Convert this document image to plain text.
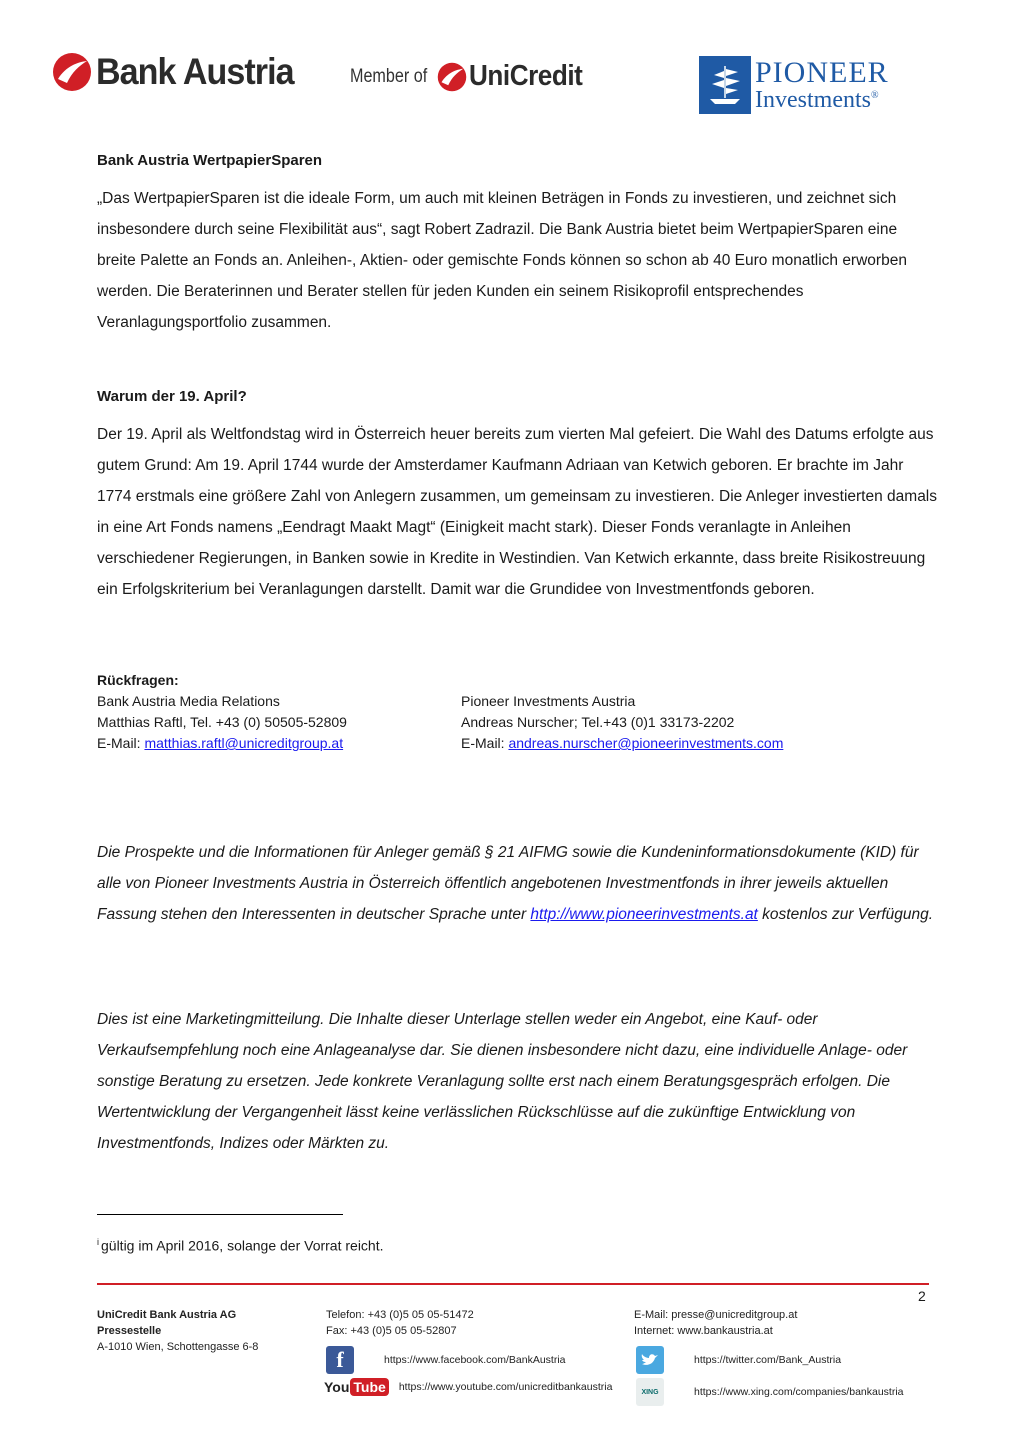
Bank Austria	Member of UniCredit	PIONEER
Investments®
Bank Austria WertpapierSparen

„Das WertpapierSparen ist die ideale Form, um auch mit kleinen Beträgen in Fonds zu investieren, und zeichnet sich insbesondere durch seine Flexibilität aus“, sagt Robert Zadrazil. Die Bank Austria bietet beim WertpapierSparen eine breite Palette an Fonds an. Anleihen-, Aktien- oder gemischte Fonds können so schon ab 40 Euro monatlich erworben werden. Die Beraterinnen und Berater stellen für jeden Kunden ein seinem Risikoprofil entsprechendes Veranlagungsportfolio zusammen.

Warum der 19. April?

Der 19. April als Weltfondstag wird in Österreich heuer bereits zum vierten Mal gefeiert. Die Wahl des Datums erfolgte aus gutem Grund: Am 19. April 1744 wurde der Amsterdamer Kaufmann Adriaan van Ketwich geboren. Er brachte im Jahr 1774 erstmals eine größere Zahl von Anlegern zusammen, um gemeinsam zu investieren. Die Anleger investierten damals in eine Art Fonds namens „Eendragt Maakt Magt“ (Einigkeit macht stark). Dieser Fonds veranlagte in Anleihen verschiedener Regierungen, in Banken sowie in Kredite in Westindien. Van Ketwich erkannte, dass breite Risikostreuung ein Erfolgskriterium bei Veranlagungen darstellt. Damit war die Grundidee von Investmentfonds geboren.

Rückfragen:
Bank Austria Media Relations
Matthias Raftl, Tel. +43 (0) 50505-52809
E-Mail: matthias.raftl@unicreditgroup.at
Pioneer Investments Austria
Andreas Nurscher; Tel.+43 (0)1 33173-2202
E-Mail: andreas.nurscher@pioneerinvestments.com

Die Prospekte und die Informationen für Anleger gemäß § 21 AIFMG sowie die Kundeninformationsdokumente (KID) für alle von Pioneer Investments Austria in Österreich öffentlich angebotenen Investmentfonds in ihrer jeweils aktuellen Fassung stehen den Interessenten in deutscher Sprache unter http://www.pioneerinvestments.at kostenlos zur Verfügung.

Dies ist eine Marketingmitteilung. Die Inhalte dieser Unterlage stellen weder ein Angebot, eine Kauf- oder Verkaufsempfehlung noch eine Anlageanalyse dar. Sie dienen insbesondere nicht dazu, eine individuelle Anlage- oder sonstige Beratung zu ersetzen. Jede konkrete Veranlagung sollte erst nach einem Beratungsgespräch erfolgen. Die Wertentwicklung der Vergangenheit lässt keine verlässlichen Rückschlüsse auf die zukünftige Entwicklung von Investmentfonds, Indizes oder Märkten zu.

$^i$ gültig im April 2016, solange der Vorrat reicht.
2
UniCredit Bank Austria AG
Pressestelle
A-1010 Wien, Schottengasse 6-8
Telefon: +43 (0)5 05 05-51472
Fax: +43 (0)5 05 05-52807
E-Mail: presse@unicreditgroup.at
Internet: www.bankaustria.at
f	https://www.facebook.com/BankAustria
You Tube https://www.youtube.com/unicreditbankaustria
https://twitter.com/Bank_Austria
XING	https://www.xing.com/companies/bankaustria
